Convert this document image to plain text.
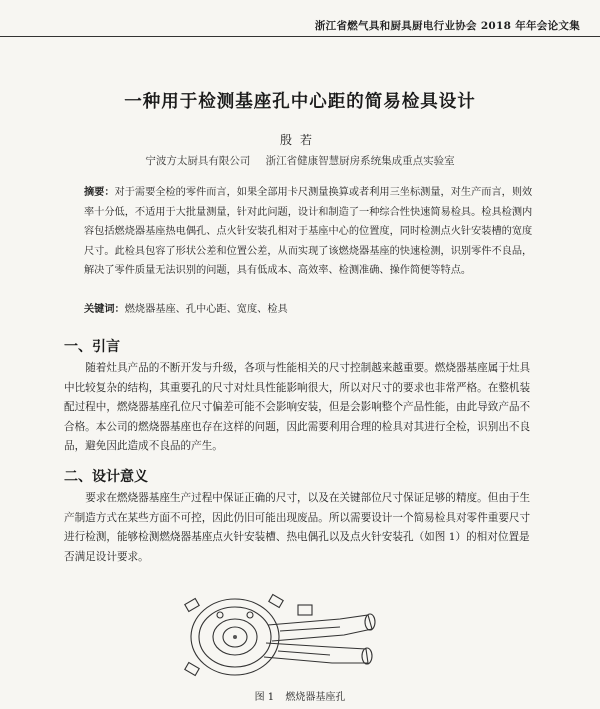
浙江省燃气具和厨具厨电行业协会 2018 年年会论文集
一种用于检测基座孔中心距的简易检具设计
殷若
宁波方太厨具有限公司 浙江省健康智慧厨房系统集成重点实验室
摘要：对于需要全检的零件而言，如果全部用卡尺测量换算或者利用三坐标测量，对生产而言，则效率十分低，不适用于大批量测量，针对此问题，设计和制造了一种综合性快速简易检具。检具检测内容包括燃烧器基座热电偶孔、点火针安装孔相对于基座中心的位置度，同时检测点火针安装槽的宽度尺寸。此检具包容了形状公差和位置公差，从而实现了该燃烧器基座的快速检测，识别零件不良品，解决了零件质量无法识别的问题，具有低成本、高效率、检测准确、操作简便等特点。
关键词：燃烧器基座、孔中心距、宽度、检具
一、引言
随着灶具产品的不断开发与升级，各项与性能相关的尺寸控制越来越重要。燃烧器基座属于灶具中比较复杂的结构，其重要孔的尺寸对灶具性能影响很大，所以对尺寸的要求也非常严格。在整机装配过程中，燃烧器基座孔位尺寸偏差可能不会影响安装，但是会影响整个产品性能，由此导致产品不合格。本公司的燃烧器基座也存在这样的问题，因此需要利用合理的检具对其进行全检，识别出不良品，避免因此造成不良品的产生。
二、设计意义
要求在燃烧器基座生产过程中保证正确的尺寸，以及在关键部位尺寸保证足够的精度。但由于生产制造方式在某些方面不可控，因此仍旧可能出现废品。所以需要设计一个简易检具对零件重要尺寸进行检测，能够检测燃烧器基座点火针安装槽、热电偶孔以及点火针安装孔（如图 1）的相对位置是否满足设计要求。
图 1 燃烧器基座孔
